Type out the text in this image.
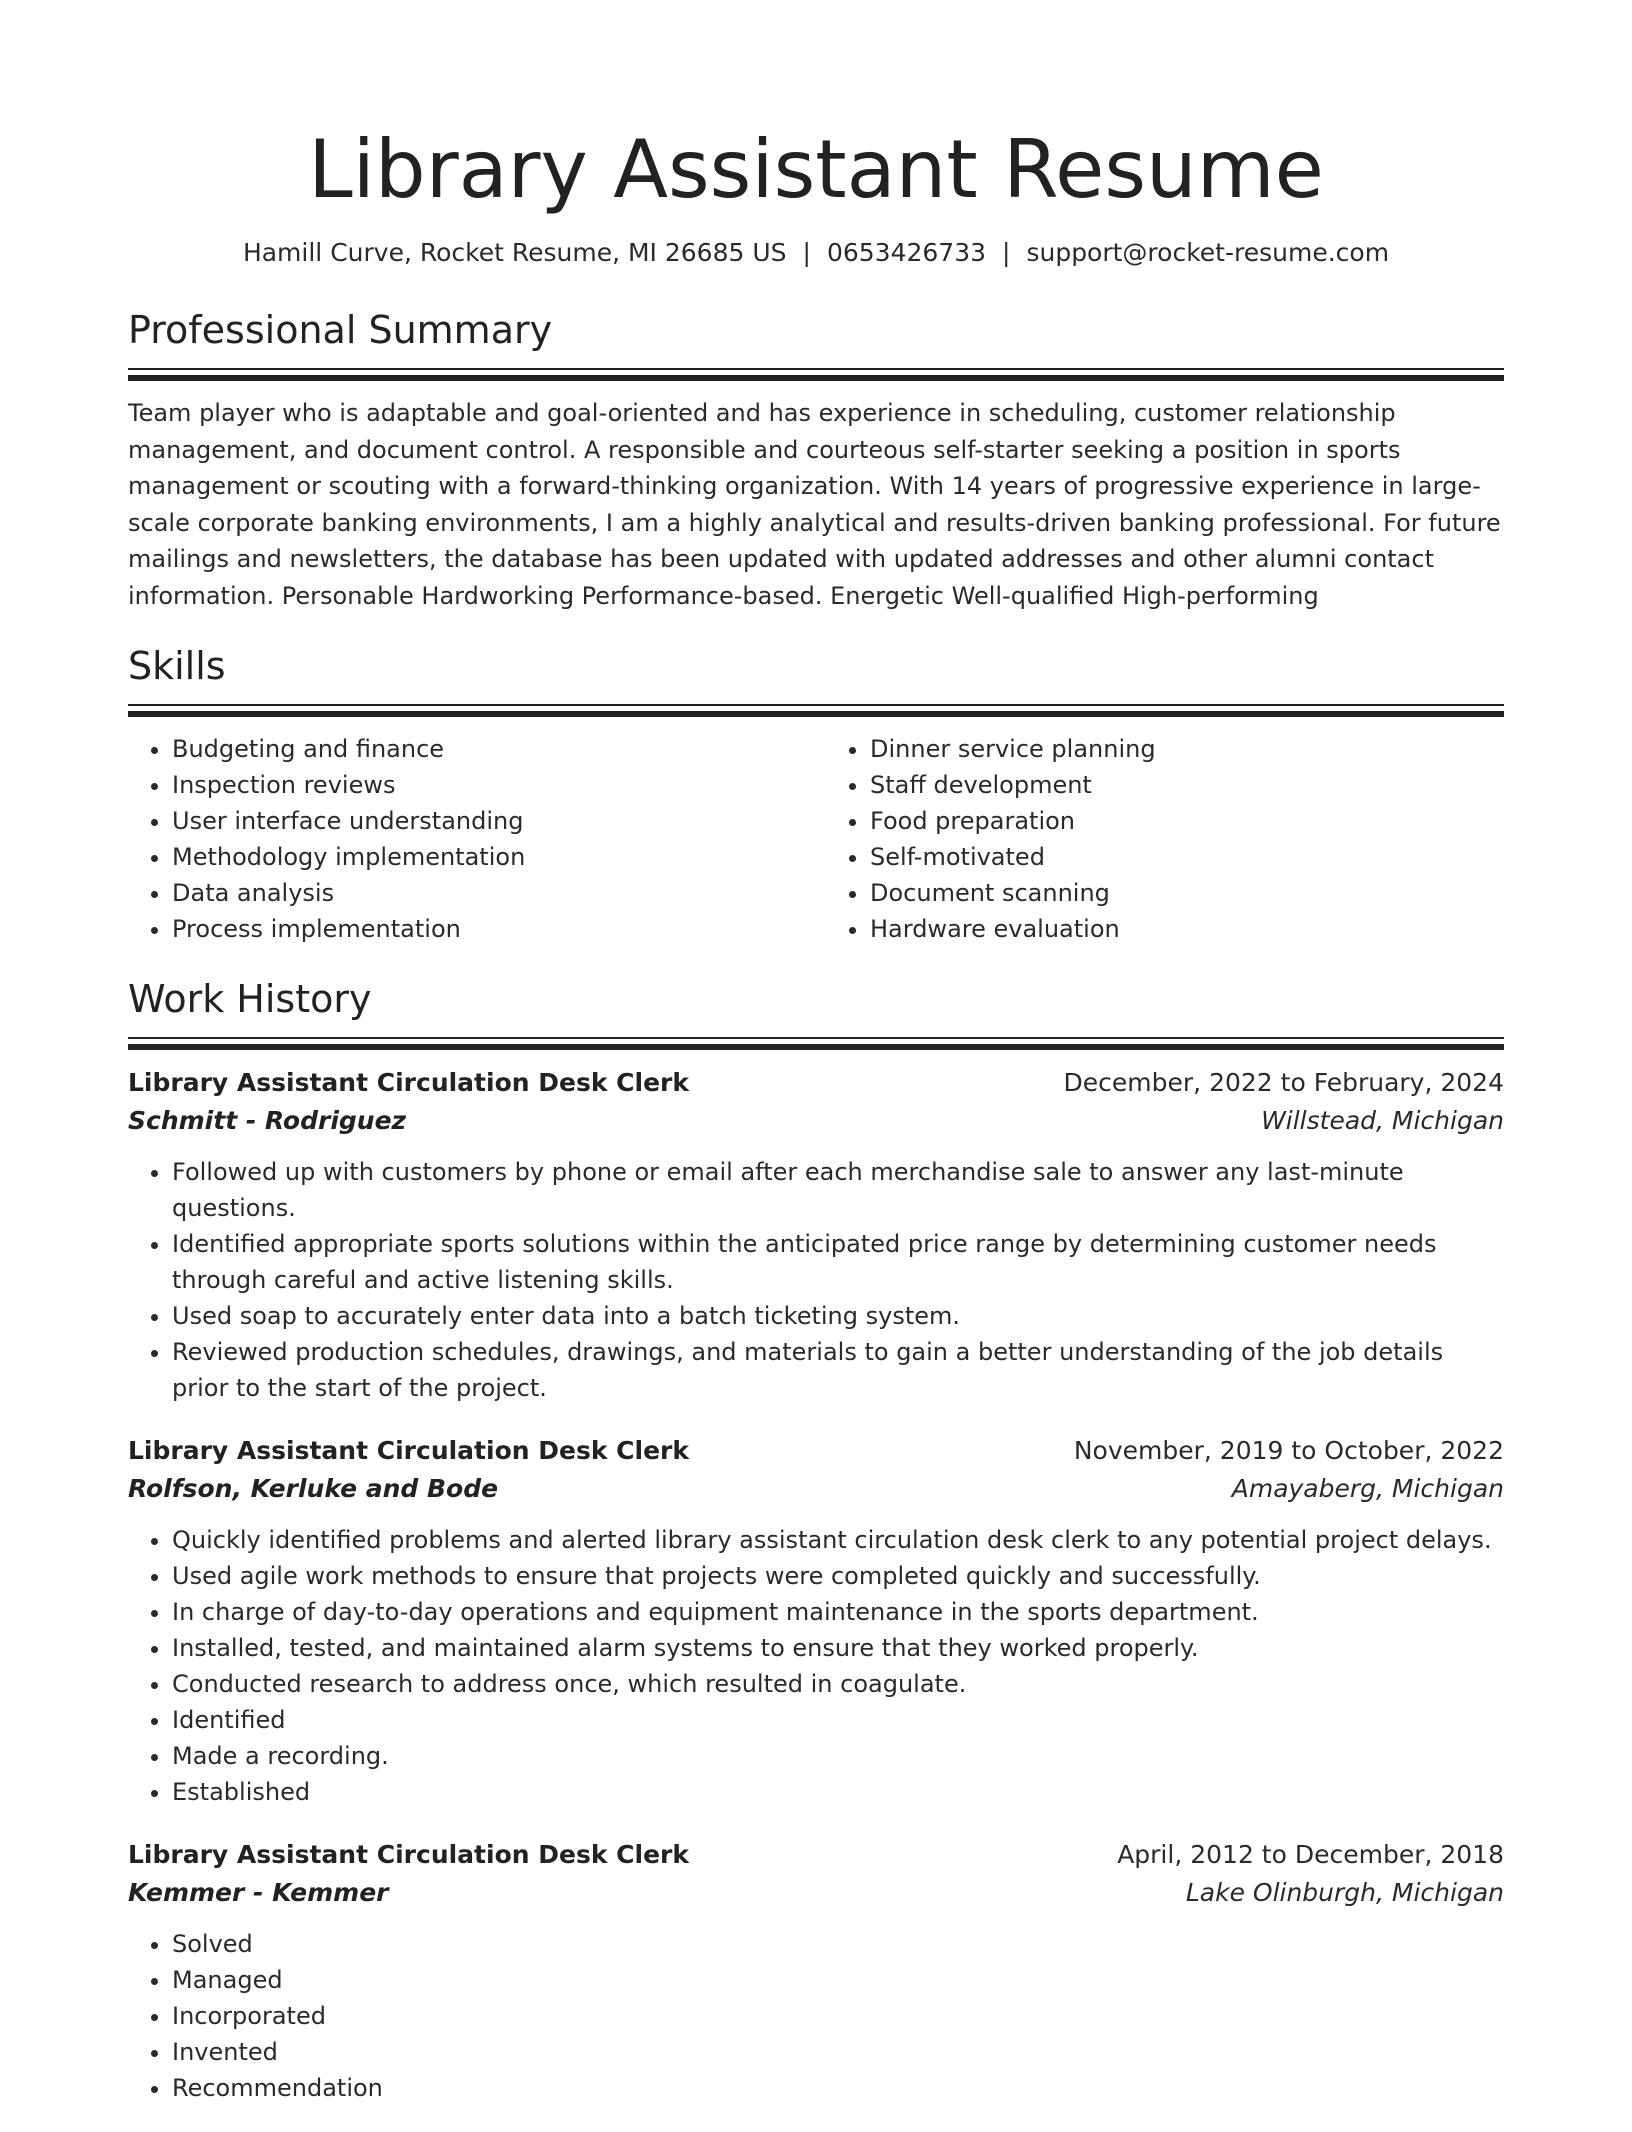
Library Assistant Resume
Hamill Curve, Rocket Resume, MI 26685 US | 0653426733 | support@rocket-resume.com
Professional Summary

Team player who is adaptable and goal-oriented and has experience in scheduling, customer relationship management, and document control. A responsible and courteous self-starter seeking a position in sports management or scouting with a forward-thinking organization. With 14 years of progressive experience in large-scale corporate banking environments, I am a highly analytical and results-driven banking professional. For future mailings and newsletters, the database has been updated with updated addresses and other alumni contact information. Personable Hardworking Performance-based. Energetic Well-qualified High-performing

Skills
• Budgeting and finance
• Inspection reviews
• User interface understanding
• Methodology implementation
• Data analysis
• Process implementation
• Dinner service planning
• Staff development
• Food preparation
• Self-motivated
• Document scanning
• Hardware evaluation
Work History
Library Assistant Circulation Desk Clerk	December, 2022 to February, 2024
Schmitt - Rodriguez	Willstead, Michigan
• Followed up with customers by phone or email after each merchandise sale to answer any last-minute questions.
• Identified appropriate sports solutions within the anticipated price range by determining customer needs through careful and active listening skills.
• Used soap to accurately enter data into a batch ticketing system.
• Reviewed production schedules, drawings, and materials to gain a better understanding of the job details prior to the start of the project.
Library Assistant Circulation Desk Clerk	November, 2019 to October, 2022
Rolfson, Kerluke and Bode	Amayaberg, Michigan
• Quickly identified problems and alerted library assistant circulation desk clerk to any potential project delays.
• Used agile work methods to ensure that projects were completed quickly and successfully.
• In charge of day-to-day operations and equipment maintenance in the sports department.
• Installed, tested, and maintained alarm systems to ensure that they worked properly.
• Conducted research to address once, which resulted in coagulate.
• Identified
• Made a recording.
• Established
Library Assistant Circulation Desk Clerk	April, 2012 to December, 2018
Kemmer - Kemmer	Lake Olinburgh, Michigan
• Solved
• Managed
• Incorporated
• Invented
• Recommendation
